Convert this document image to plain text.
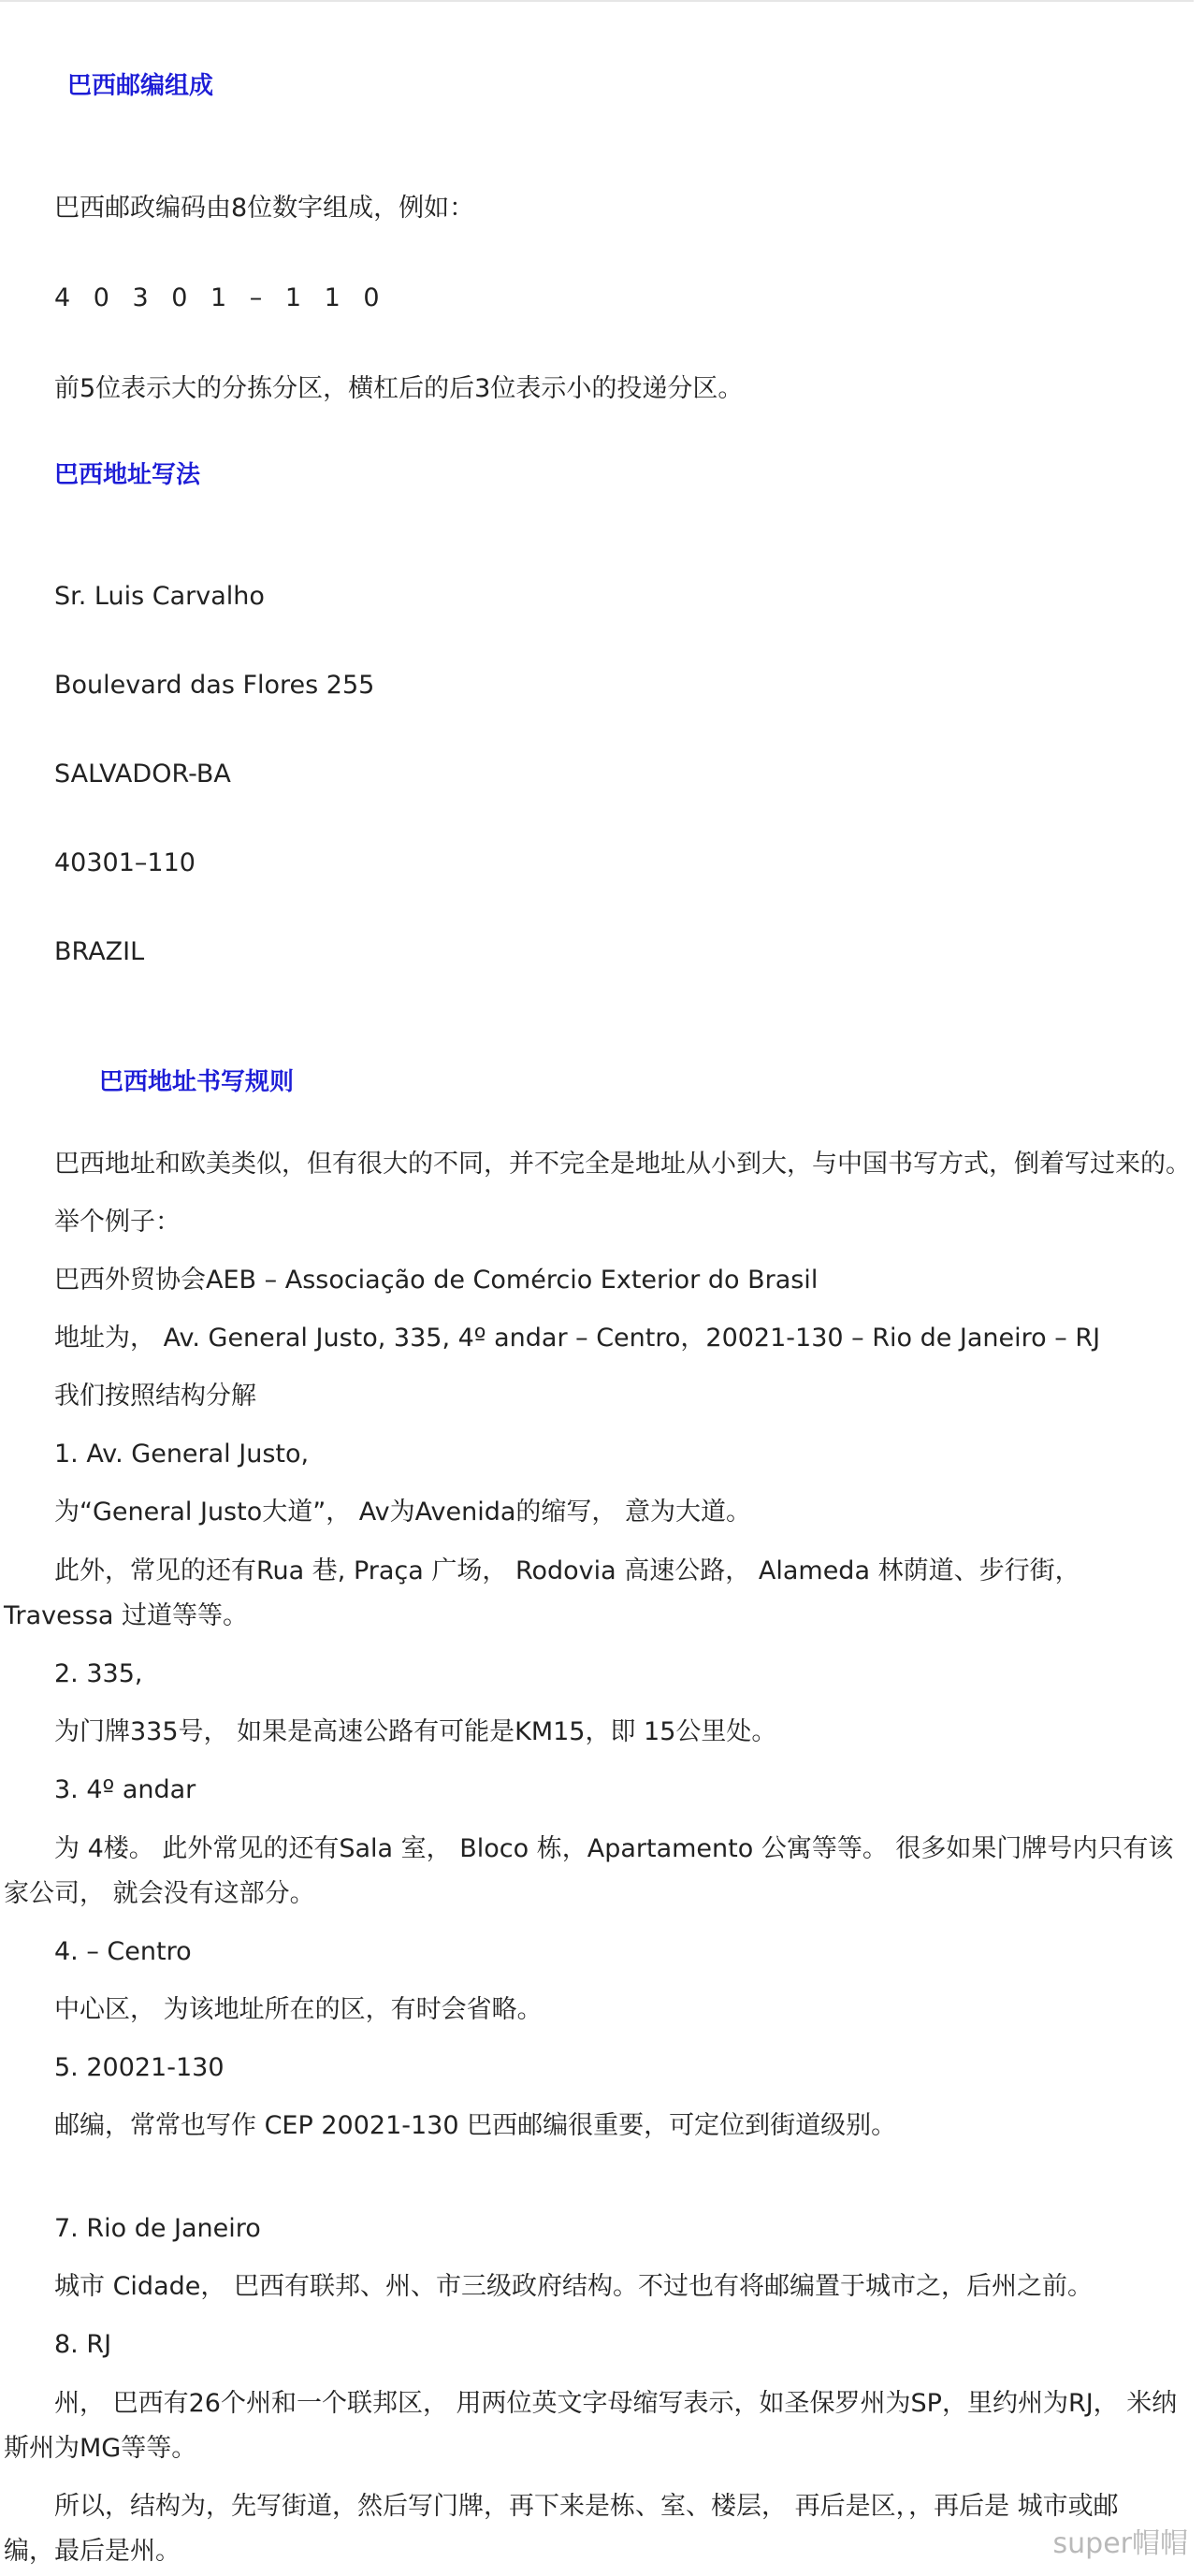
巴西邮编组成

巴西邮政编码由8位数字组成，例如：

4 0 3 0 1 – 1 1 0

前5位表示大的分拣分区，横杠后的后3位表示小的投递分区。

巴西地址写法

Sr. Luis Carvalho

Boulevard das Flores 255

SALVADOR-BA

40301–110

BRAZIL

巴西地址书写规则

巴西地址和欧美类似，但有很大的不同，并不完全是地址从小到大，与中国书写方式，倒着写过来的。

举个例子：

巴西外贸协会AEB – Associação de Comércio Exterior do Brasil

地址为， Av. General Justo, 335, 4º andar – Centro，20021-130 – Rio de Janeiro – RJ

我们按照结构分解

1. Av. General Justo,

为“General Justo大道”， Av为Avenida的缩写， 意为大道。

此外，常见的还有Rua 巷, Praça 广场， Rodovia 高速公路， Alameda 林荫道、步行街， Travessa 过道等等。

2. 335,

为门牌335号， 如果是高速公路有可能是KM15，即 15公里处。

3. 4º andar

为 4楼。 此外常见的还有Sala 室， Bloco 栋，Apartamento 公寓等等。 很多如果门牌号内只有该家公司， 就会没有这部分。

4. – Centro

中心区， 为该地址所在的区，有时会省略。

5. 20021-130

邮编，常常也写作 CEP 20021-130 巴西邮编很重要，可定位到街道级别。

7. Rio de Janeiro

城市 Cidade， 巴西有联邦、州、市三级政府结构。不过也有将邮编置于城市之，后州之前。

8. RJ

州， 巴西有26个州和一个联邦区， 用两位英文字母缩写表示，如圣保罗州为SP，里约州为RJ， 米纳斯州为MG等等。

所以，结构为，先写街道，然后写门牌，再下来是栋、室、楼层， 再后是区，，再后是 城市或邮编，最后是州。	super帽帽
